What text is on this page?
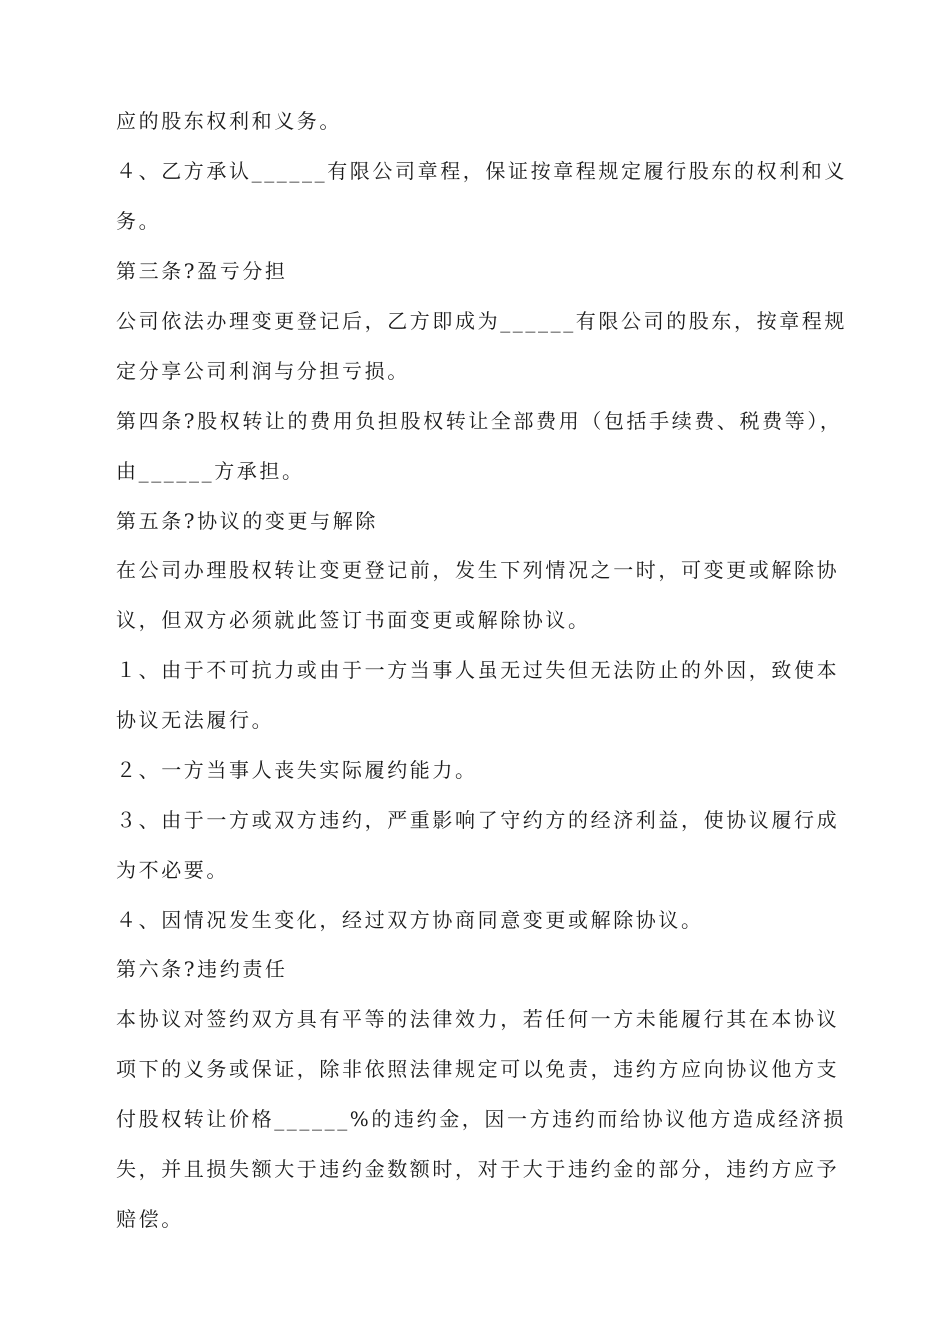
应的股东权利和义务。
４、乙方承认______有限公司章程，保证按章程规定履行股东的权利和义
务。
第三条?盈亏分担
公司依法办理变更登记后，乙方即成为______有限公司的股东，按章程规
定分享公司利润与分担亏损。
第四条?股权转让的费用负担股权转让全部费用（包括手续费、税费等），
由______方承担。
第五条?协议的变更与解除
在公司办理股权转让变更登记前，发生下列情况之一时，可变更或解除协
议，但双方必须就此签订书面变更或解除协议。
１、由于不可抗力或由于一方当事人虽无过失但无法防止的外因，致使本
协议无法履行。
２、一方当事人丧失实际履约能力。
３、由于一方或双方违约，严重影响了守约方的经济利益，使协议履行成
为不必要。
４、因情况发生变化，经过双方协商同意变更或解除协议。
第六条?违约责任
本协议对签约双方具有平等的法律效力，若任何一方未能履行其在本协议
项下的义务或保证，除非依照法律规定可以免责，违约方应向协议他方支
付股权转让价格______%的违约金，因一方违约而给协议他方造成经济损
失，并且损失额大于违约金数额时，对于大于违约金的部分，违约方应予
赔偿。
